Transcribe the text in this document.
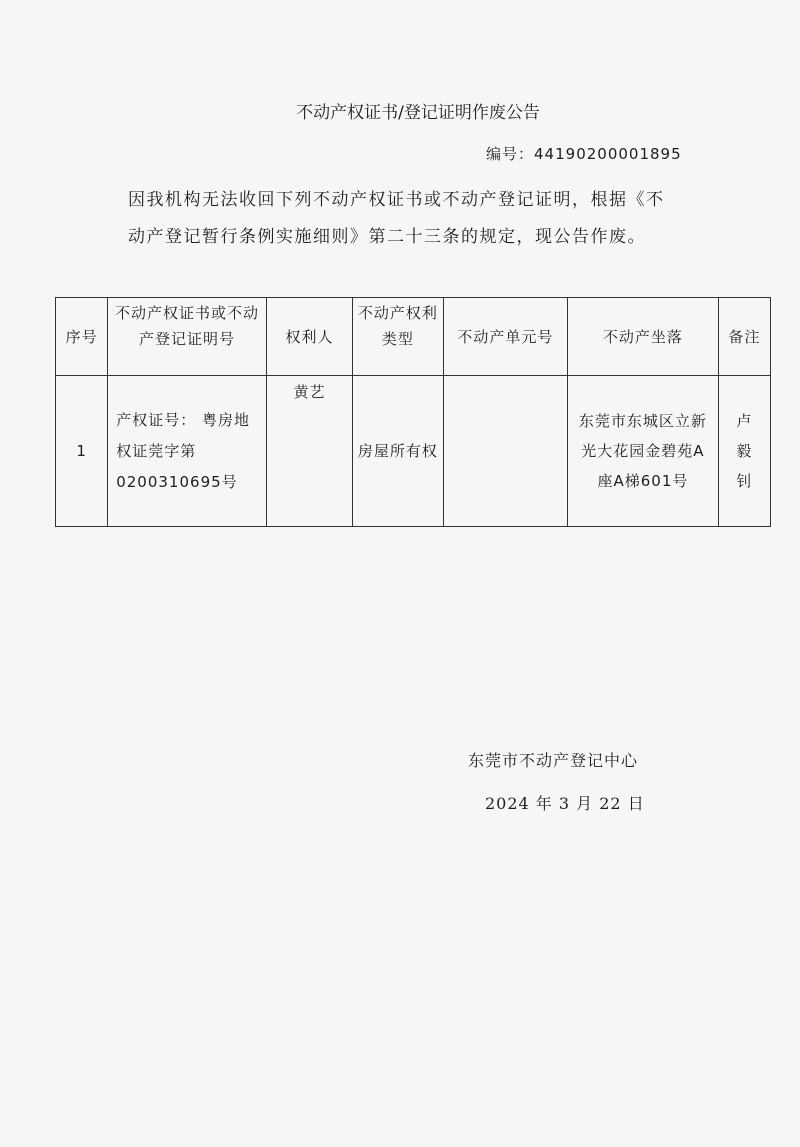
不动产权证书/登记证明作废公告
编号：44190200001895
因我机构无法收回下列不动产权证书或不动产登记证明，根据《不
动产登记暂行条例实施细则》第二十三条的规定，现公告作废。
序号	不动产权证书或不动产登记证明号	权利人	不动产权利类型	不动产单元号	不动产坐落	备注
1	产权证号： 粤房地权证莞字第0200310695号	黄艺	房屋所有权		东莞市东城区立新光大花园金碧苑A座A梯601号	卢毅钊
东莞市不动产登记中心
2024 年 3 月 22 日
